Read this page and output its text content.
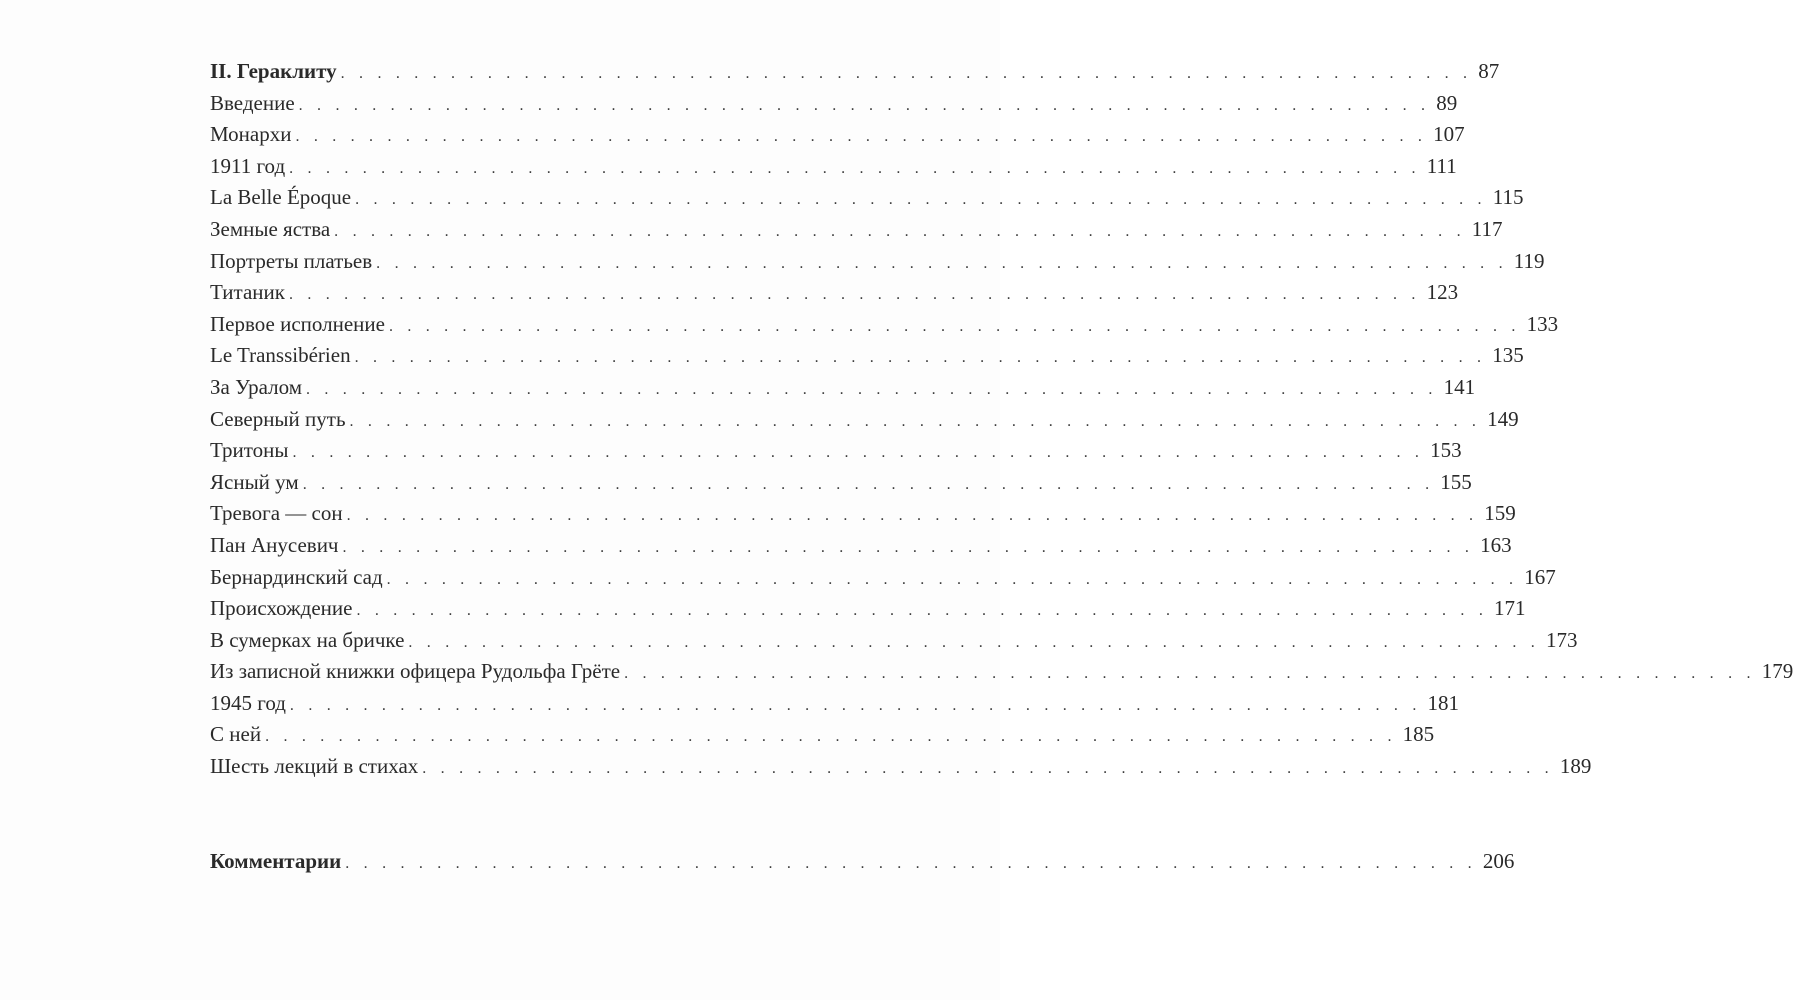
II. Гераклиту . . . . . . . . . . . . . . . . . . . . . . . . . . . . . . . . . . . . . . . . . . . . . . . . . . . . . . . . . . . . . . 87
Введение . . . . . . . . . . . . . . . . . . . . . . . . . . . . . . . . . . . . . . . . . . . . . . . . . . . . . . . . . . . . . . 89
Монархи . . . . . . . . . . . . . . . . . . . . . . . . . . . . . . . . . . . . . . . . . . . . . . . . . . . . . . . . . . . . . . 107
1911 год . . . . . . . . . . . . . . . . . . . . . . . . . . . . . . . . . . . . . . . . . . . . . . . . . . . . . . . . . . . . . . 111
La Belle Époque . . . . . . . . . . . . . . . . . . . . . . . . . . . . . . . . . . . . . . . . . . . . . . . . . . . . . . . . . . . . . . 115
Земные яства . . . . . . . . . . . . . . . . . . . . . . . . . . . . . . . . . . . . . . . . . . . . . . . . . . . . . . . . . . . . . . 117
Портреты платьев . . . . . . . . . . . . . . . . . . . . . . . . . . . . . . . . . . . . . . . . . . . . . . . . . . . . . . . . . . . . . . 119
Титаник . . . . . . . . . . . . . . . . . . . . . . . . . . . . . . . . . . . . . . . . . . . . . . . . . . . . . . . . . . . . . . 123
Первое исполнение . . . . . . . . . . . . . . . . . . . . . . . . . . . . . . . . . . . . . . . . . . . . . . . . . . . . . . . . . . . . . . 133
Le Transsibérien . . . . . . . . . . . . . . . . . . . . . . . . . . . . . . . . . . . . . . . . . . . . . . . . . . . . . . . . . . . . . . 135
За Уралом . . . . . . . . . . . . . . . . . . . . . . . . . . . . . . . . . . . . . . . . . . . . . . . . . . . . . . . . . . . . . . 141
Северный путь . . . . . . . . . . . . . . . . . . . . . . . . . . . . . . . . . . . . . . . . . . . . . . . . . . . . . . . . . . . . . . 149
Тритоны . . . . . . . . . . . . . . . . . . . . . . . . . . . . . . . . . . . . . . . . . . . . . . . . . . . . . . . . . . . . . . 153
Ясный ум . . . . . . . . . . . . . . . . . . . . . . . . . . . . . . . . . . . . . . . . . . . . . . . . . . . . . . . . . . . . . . 155
Тревога — сон . . . . . . . . . . . . . . . . . . . . . . . . . . . . . . . . . . . . . . . . . . . . . . . . . . . . . . . . . . . . . . 159
Пан Анусевич . . . . . . . . . . . . . . . . . . . . . . . . . . . . . . . . . . . . . . . . . . . . . . . . . . . . . . . . . . . . . . 163
Бернардинский сад . . . . . . . . . . . . . . . . . . . . . . . . . . . . . . . . . . . . . . . . . . . . . . . . . . . . . . . . . . . . . . 167
Происхождение . . . . . . . . . . . . . . . . . . . . . . . . . . . . . . . . . . . . . . . . . . . . . . . . . . . . . . . . . . . . . . 171
В сумерках на бричке . . . . . . . . . . . . . . . . . . . . . . . . . . . . . . . . . . . . . . . . . . . . . . . . . . . . . . . . . . . . . . 173
Из записной книжки офицера Рудольфа Грёте . . . . . . . . . . . . . . . . . . . . . . . . . . . . . . . . . . . . . . . . . . . . . . . . . . . . . . . . . . . . . . 179
1945 год . . . . . . . . . . . . . . . . . . . . . . . . . . . . . . . . . . . . . . . . . . . . . . . . . . . . . . . . . . . . . . 181
С ней . . . . . . . . . . . . . . . . . . . . . . . . . . . . . . . . . . . . . . . . . . . . . . . . . . . . . . . . . . . . . . 185
Шесть лекций в стихах . . . . . . . . . . . . . . . . . . . . . . . . . . . . . . . . . . . . . . . . . . . . . . . . . . . . . . . . . . . . . . 189
Комментарии . . . . . . . . . . . . . . . . . . . . . . . . . . . . . . . . . . . . . . . . . . . . . . . . . . . . . . . . . . . . . . 206
